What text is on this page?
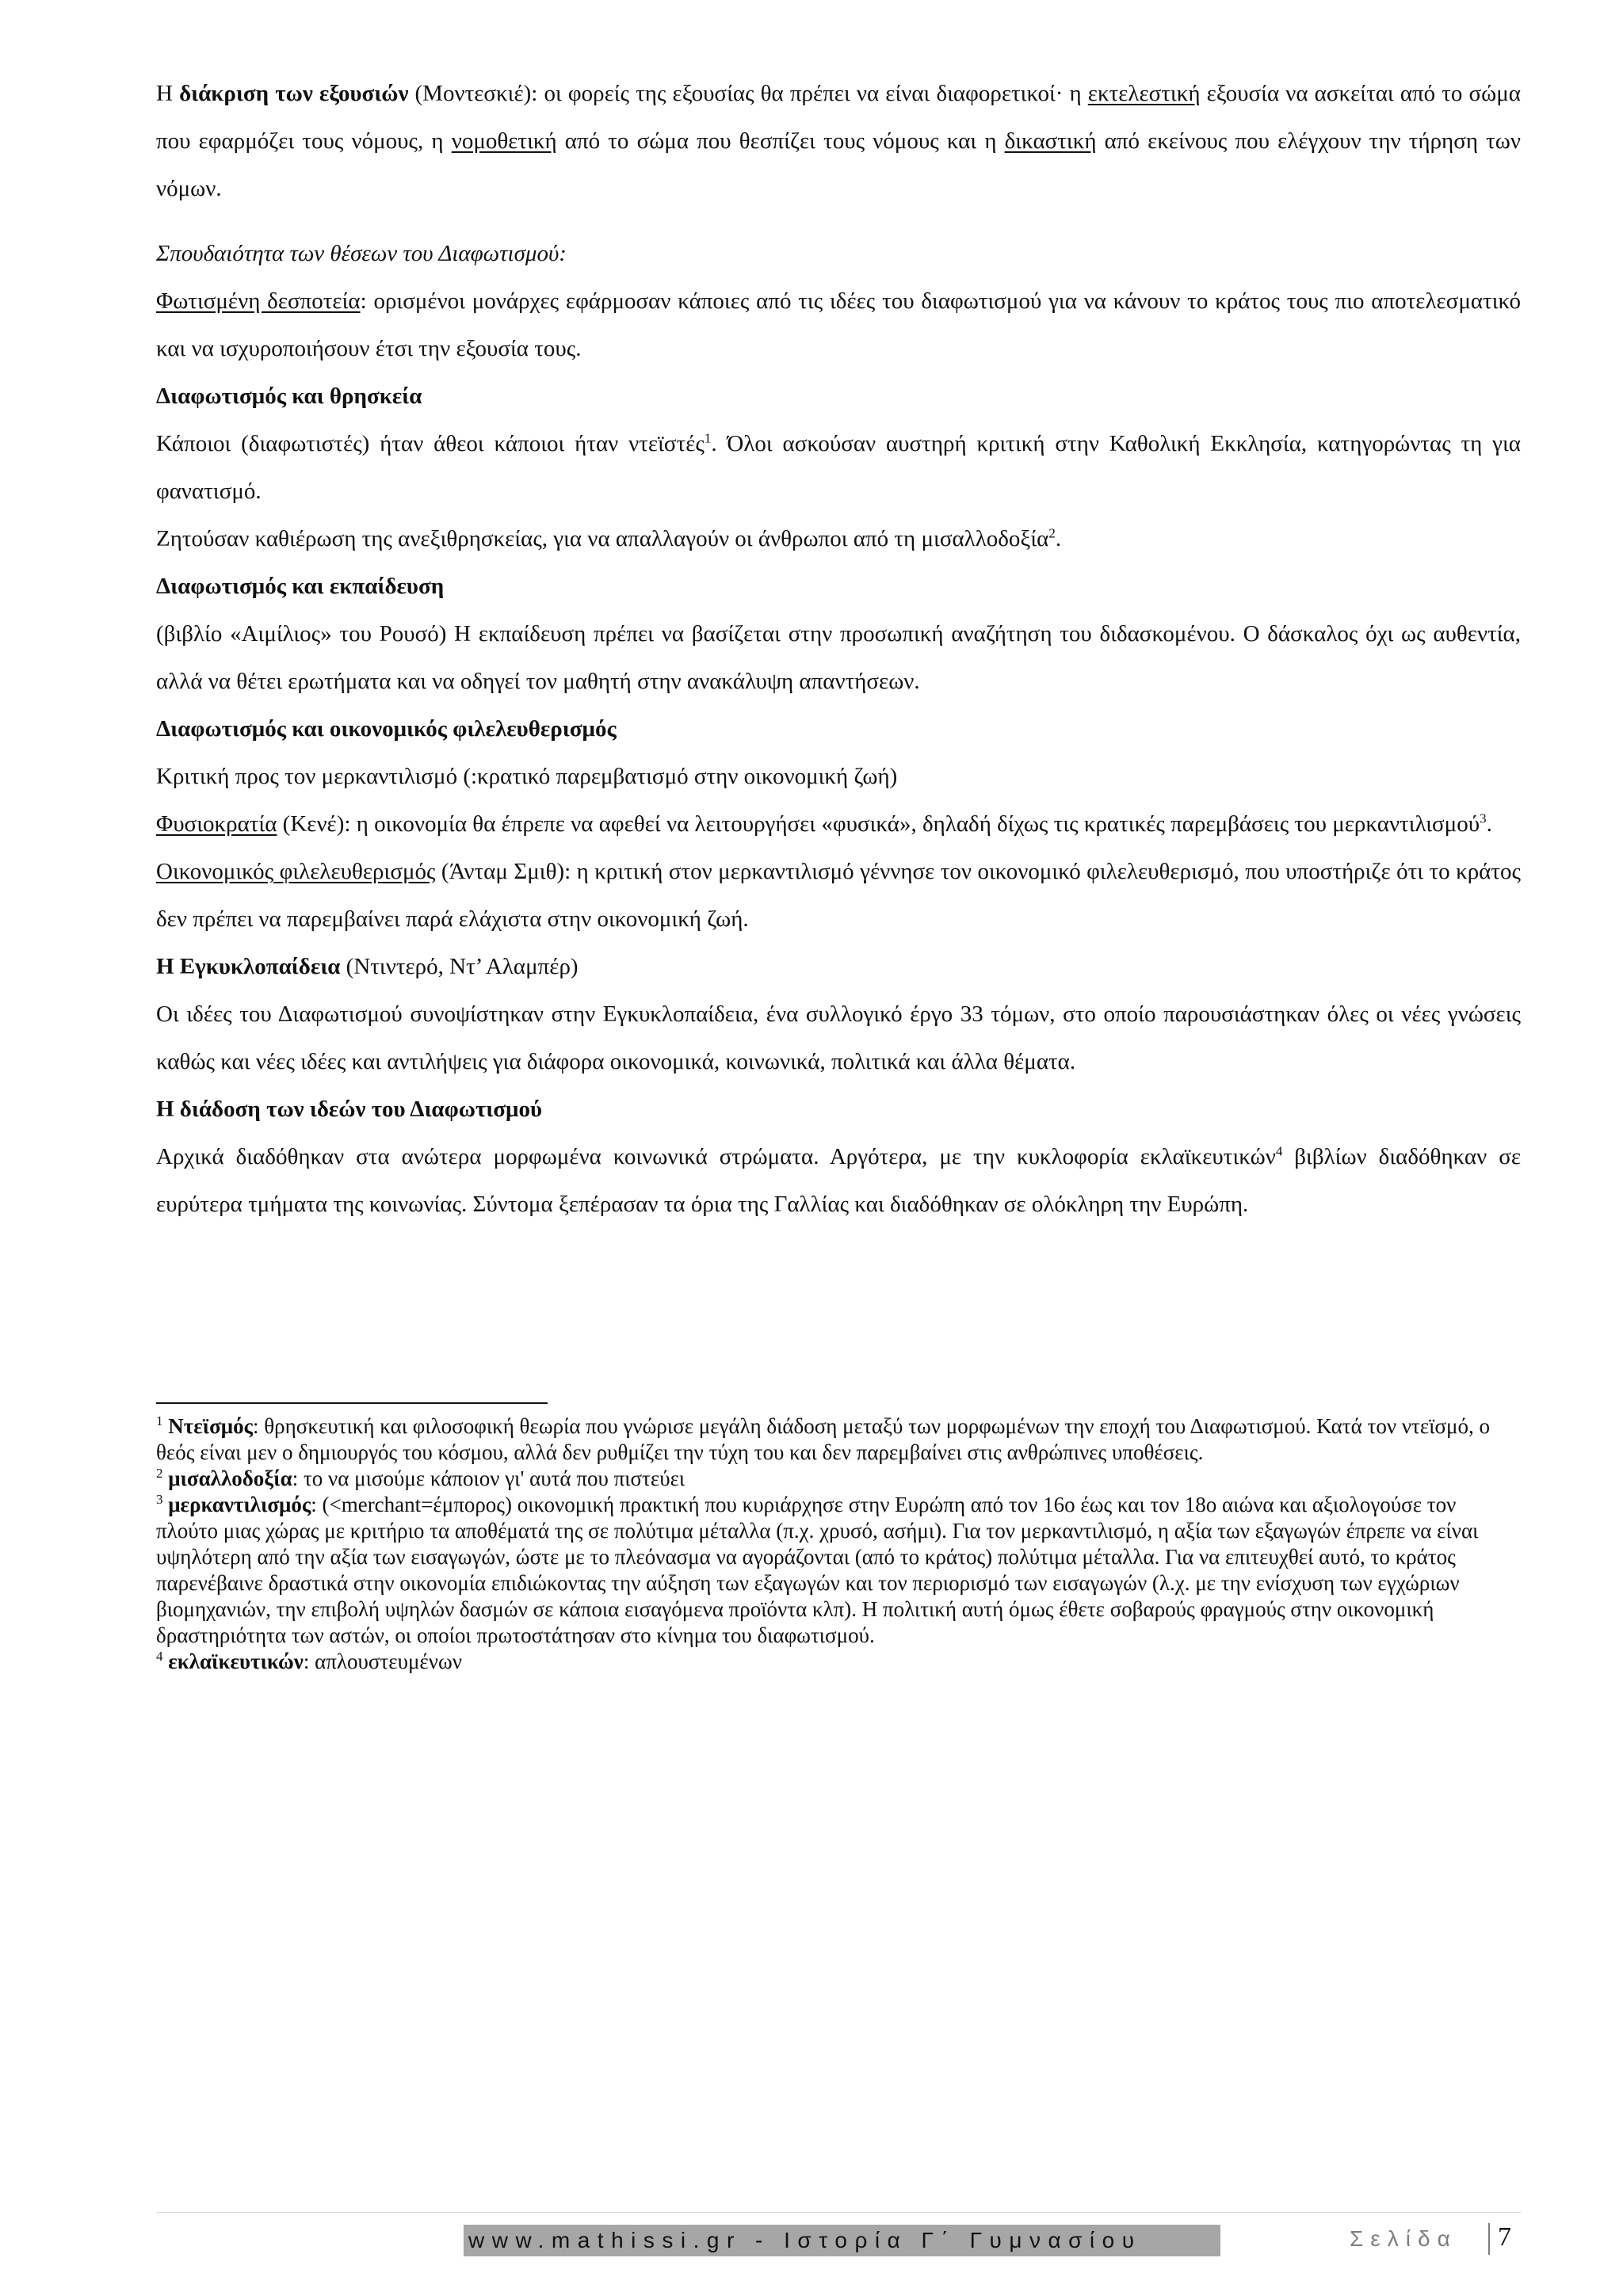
Η διάκριση των εξουσιών (Μοντεσκιέ): οι φορείς της εξουσίας θα πρέπει να είναι διαφορετικοί· η εκτελεστική εξουσία να ασκείται από το σώμα που εφαρμόζει τους νόμους, η νομοθετική από το σώμα που θεσπίζει τους νόμους και η δικαστική από εκείνους που ελέγχουν την τήρηση των νόμων.

Σπουδαιότητα των θέσεων του Διαφωτισμού:

Φωτισμένη δεσποτεία: ορισμένοι μονάρχες εφάρμοσαν κάποιες από τις ιδέες του διαφωτισμού για να κάνουν το κράτος τους πιο αποτελεσματικό και να ισχυροποιήσουν έτσι την εξουσία τους.

Διαφωτισμός και θρησκεία

Κάποιοι (διαφωτιστές) ήταν άθεοι κάποιοι ήταν ντεϊστές$^1$. Όλοι ασκούσαν αυστηρή κριτική στην Καθολική Εκκλησία, κατηγορώντας τη για φανατισμό.

Ζητούσαν καθιέρωση της ανεξιθρησκείας, για να απαλλαγούν οι άνθρωποι από τη μισαλλοδοξία$^2$.

Διαφωτισμός και εκπαίδευση

(βιβλίο «Αιμίλιος» του Ρουσό) Η εκπαίδευση πρέπει να βασίζεται στην προσωπική αναζήτηση του διδασκομένου. Ο δάσκαλος όχι ως αυθεντία, αλλά να θέτει ερωτήματα και να οδηγεί τον μαθητή στην ανακάλυψη απαντήσεων.

Διαφωτισμός και οικονομικός φιλελευθερισμός

Κριτική προς τον μερκαντιλισμό (:κρατικό παρεμβατισμό στην οικονομική ζωή)

Φυσιοκρατία (Κενέ): η οικονομία θα έπρεπε να αφεθεί να λειτουργήσει «φυσικά», δηλαδή δίχως τις κρατικές παρεμβάσεις του μερκαντιλισμού$^3$.

Οικονομικός φιλελευθερισμός (Άνταμ Σμιθ): η κριτική στον μερκαντιλισμό γέννησε τον οικονομικό φιλελευθερισμό, που υποστήριζε ότι το κράτος δεν πρέπει να παρεμβαίνει παρά ελάχιστα στην οικονομική ζωή.

Η Εγκυκλοπαίδεια (Ντιντερό, Ντ’ Αλαμπέρ)

Οι ιδέες του Διαφωτισμού συνοψίστηκαν στην Εγκυκλοπαίδεια, ένα συλλογικό έργο 33 τόμων, στο οποίο παρουσιάστηκαν όλες οι νέες γνώσεις καθώς και νέες ιδέες και αντιλήψεις για διάφορα οικονομικά, κοινωνικά, πολιτικά και άλλα θέματα.

Η διάδοση των ιδεών του Διαφωτισμού

Αρχικά διαδόθηκαν στα ανώτερα μορφωμένα κοινωνικά στρώματα. Αργότερα, με την κυκλοφορία εκλαϊκευτικών$^4$ βιβλίων διαδόθηκαν σε ευρύτερα τμήματα της κοινωνίας. Σύντομα ξεπέρασαν τα όρια της Γαλλίας και διαδόθηκαν σε ολόκληρη την Ευρώπη.

$^1$ Ντεϊσμός: θρησκευτική και φιλοσοφική θεωρία που γνώρισε μεγάλη διάδοση μεταξύ των μορφωμένων την εποχή του Διαφωτισμού. Κατά τον ντεϊσμό, ο θεός είναι μεν ο δημιουργός του κόσμου, αλλά δεν ρυθμίζει την τύχη του και δεν παρεμβαίνει στις ανθρώπινες υποθέσεις.

$^2$ μισαλλοδοξία: το να μισούμε κάποιον γι' αυτά που πιστεύει

$^3$ μερκαντιλισμός: (<merchant=έμπορος) οικονομική πρακτική που κυριάρχησε στην Ευρώπη από τον 16ο έως και τον 18ο αιώνα και αξιολογούσε τον πλούτο μιας χώρας με κριτήριο τα αποθέματά της σε πολύτιμα μέταλλα (π.χ. χρυσό, ασήμι). Για τον μερκαντιλισμό, η αξία των εξαγωγών έπρεπε να είναι υψηλότερη από την αξία των εισαγωγών, ώστε με το πλεόνασμα να αγοράζονται (από το κράτος) πολύτιμα μέταλλα. Για να επιτευχθεί αυτό, το κράτος παρενέβαινε δραστικά στην οικονομία επιδιώκοντας την αύξηση των εξαγωγών και τον περιορισμό των εισαγωγών (λ.χ. με την ενίσχυση των εγχώριων βιομηχανιών, την επιβολή υψηλών δασμών σε κάποια εισαγόμενα προϊόντα κλπ). Η πολιτική αυτή όμως έθετε σοβαρούς φραγμούς στην οικονομική δραστηριότητα των αστών, οι οποίοι πρωτοστάτησαν στο κίνημα του διαφωτισμού.

$^4$ εκλαϊκευτικών: απλουστευμένων

www.mathissi.gr - Ιστορία Γ΄ Γυμνασίου	Σελίδα 7
